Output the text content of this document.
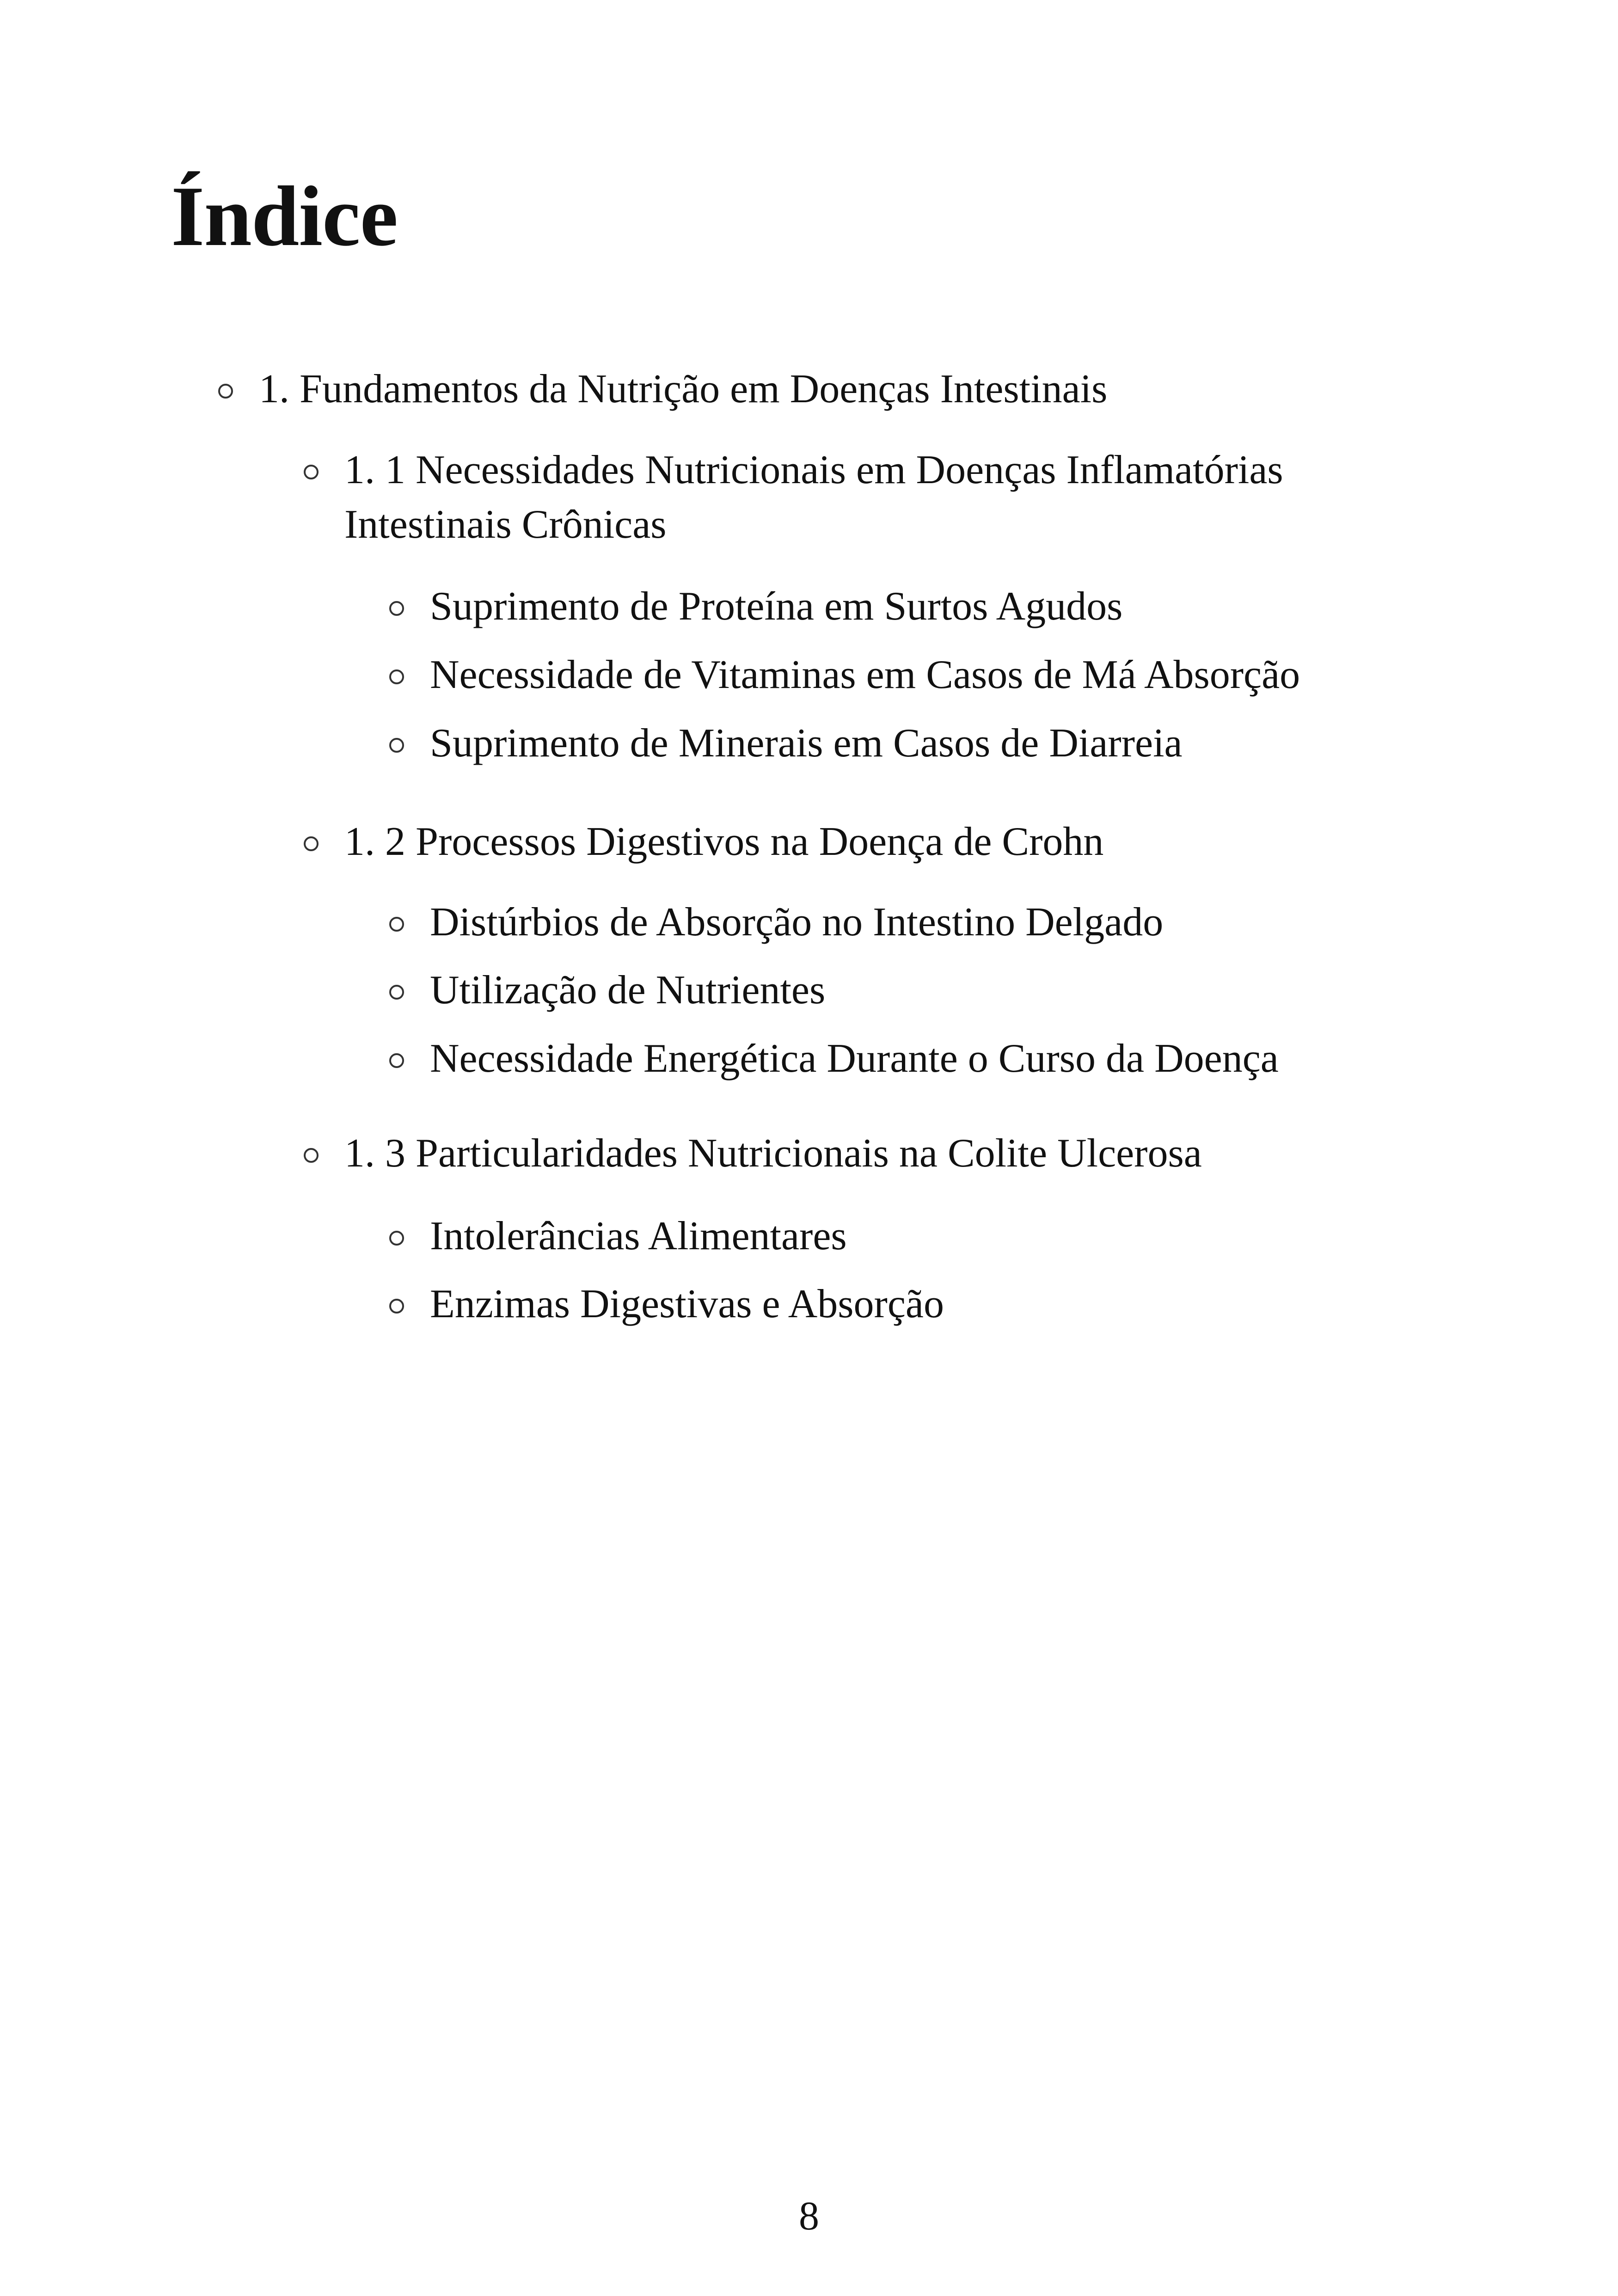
Índice
1. Fundamentos da Nutrição em Doenças Intestinais
1. 1 Necessidades Nutricionais em Doenças Inflamatórias
Intestinais Crônicas
Suprimento de Proteína em Surtos Agudos
Necessidade de Vitaminas em Casos de Má Absorção
Suprimento de Minerais em Casos de Diarreia
1. 2 Processos Digestivos na Doença de Crohn
Distúrbios de Absorção no Intestino Delgado
Utilização de Nutrientes
Necessidade Energética Durante o Curso da Doença
1. 3 Particularidades Nutricionais na Colite Ulcerosa
Intolerâncias Alimentares
Enzimas Digestivas e Absorção
8
